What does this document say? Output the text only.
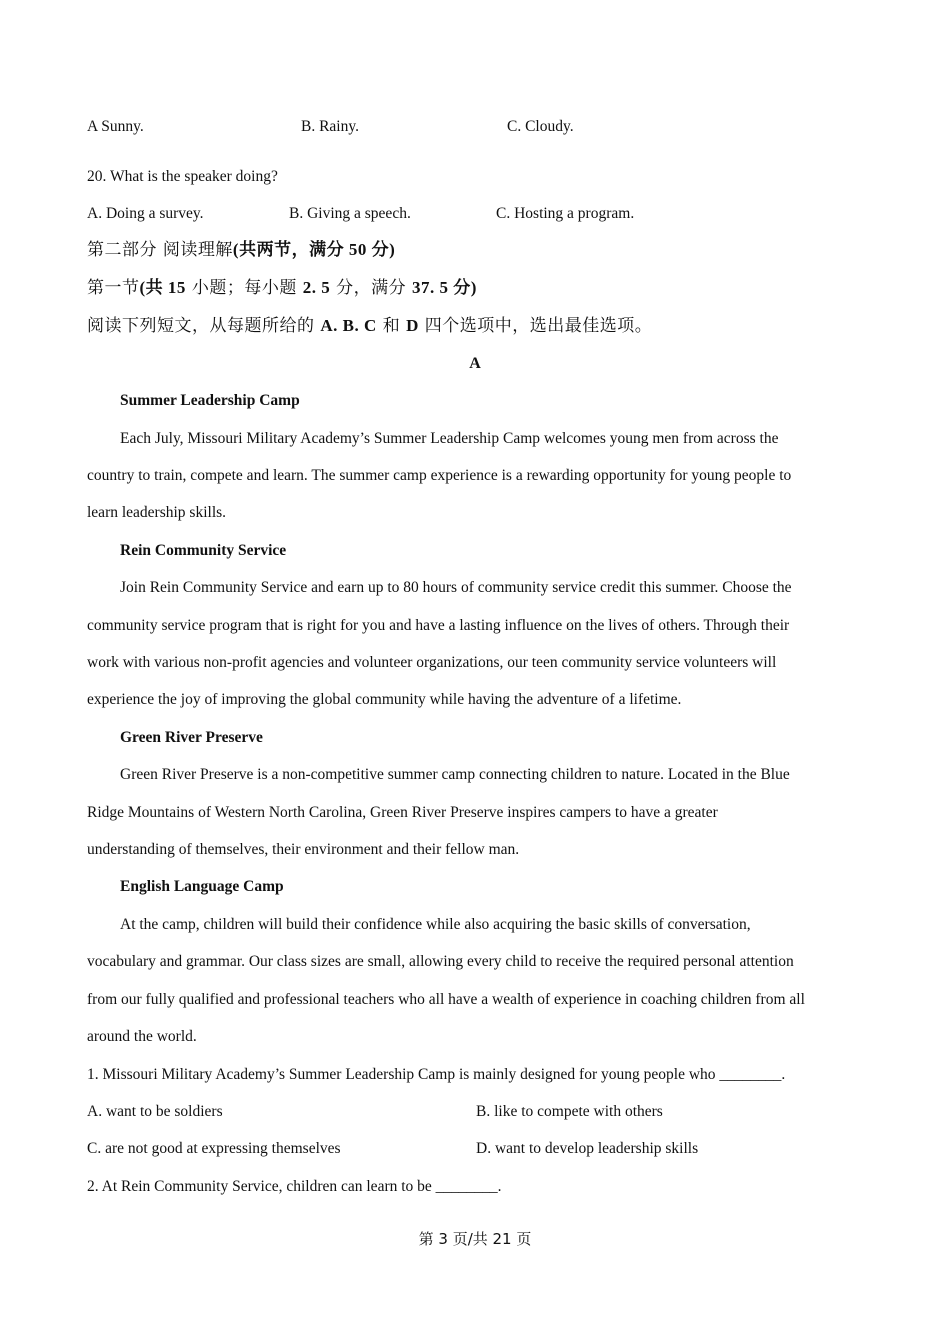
A Sunny.	B. Rainy.	C. Cloudy.
20. What is the speaker doing?
A. Doing a survey.	B. Giving a speech.	C. Hosting a program.
第二部分 阅读理解(共两节，满分 50 分)
第一节(共 15 小题；每小题 2. 5 分，满分 37. 5 分)
阅读下列短文，从每题所给的 A. B. C 和 D 四个选项中，选出最佳选项。
A
Summer Leadership Camp
Each July, Missouri Military Academy’s Summer Leadership Camp welcomes young men from across the
country to train, compete and learn. The summer camp experience is a rewarding opportunity for young people to
learn leadership skills.
Rein Community Service
Join Rein Community Service and earn up to 80 hours of community service credit this summer. Choose the
community service program that is right for you and have a lasting influence on the lives of others. Through their
work with various non-profit agencies and volunteer organizations, our teen community service volunteers will
experience the joy of improving the global community while having the adventure of a lifetime.
Green River Preserve
Green River Preserve is a non-competitive summer camp connecting children to nature. Located in the Blue
Ridge Mountains of Western North Carolina, Green River Preserve inspires campers to have a greater
understanding of themselves, their environment and their fellow man.
English Language Camp
At the camp, children will build their confidence while also acquiring the basic skills of conversation,
vocabulary and grammar. Our class sizes are small, allowing every child to receive the required personal attention
from our fully qualified and professional teachers who all have a wealth of experience in coaching children from all
around the world.
1. Missouri Military Academy’s Summer Leadership Camp is mainly designed for young people who ________.
A. want to be soldiers	B. like to compete with others
C. are not good at expressing themselves	D. want to develop leadership skills
2. At Rein Community Service, children can learn to be ________.
第 3 页/共 21 页
